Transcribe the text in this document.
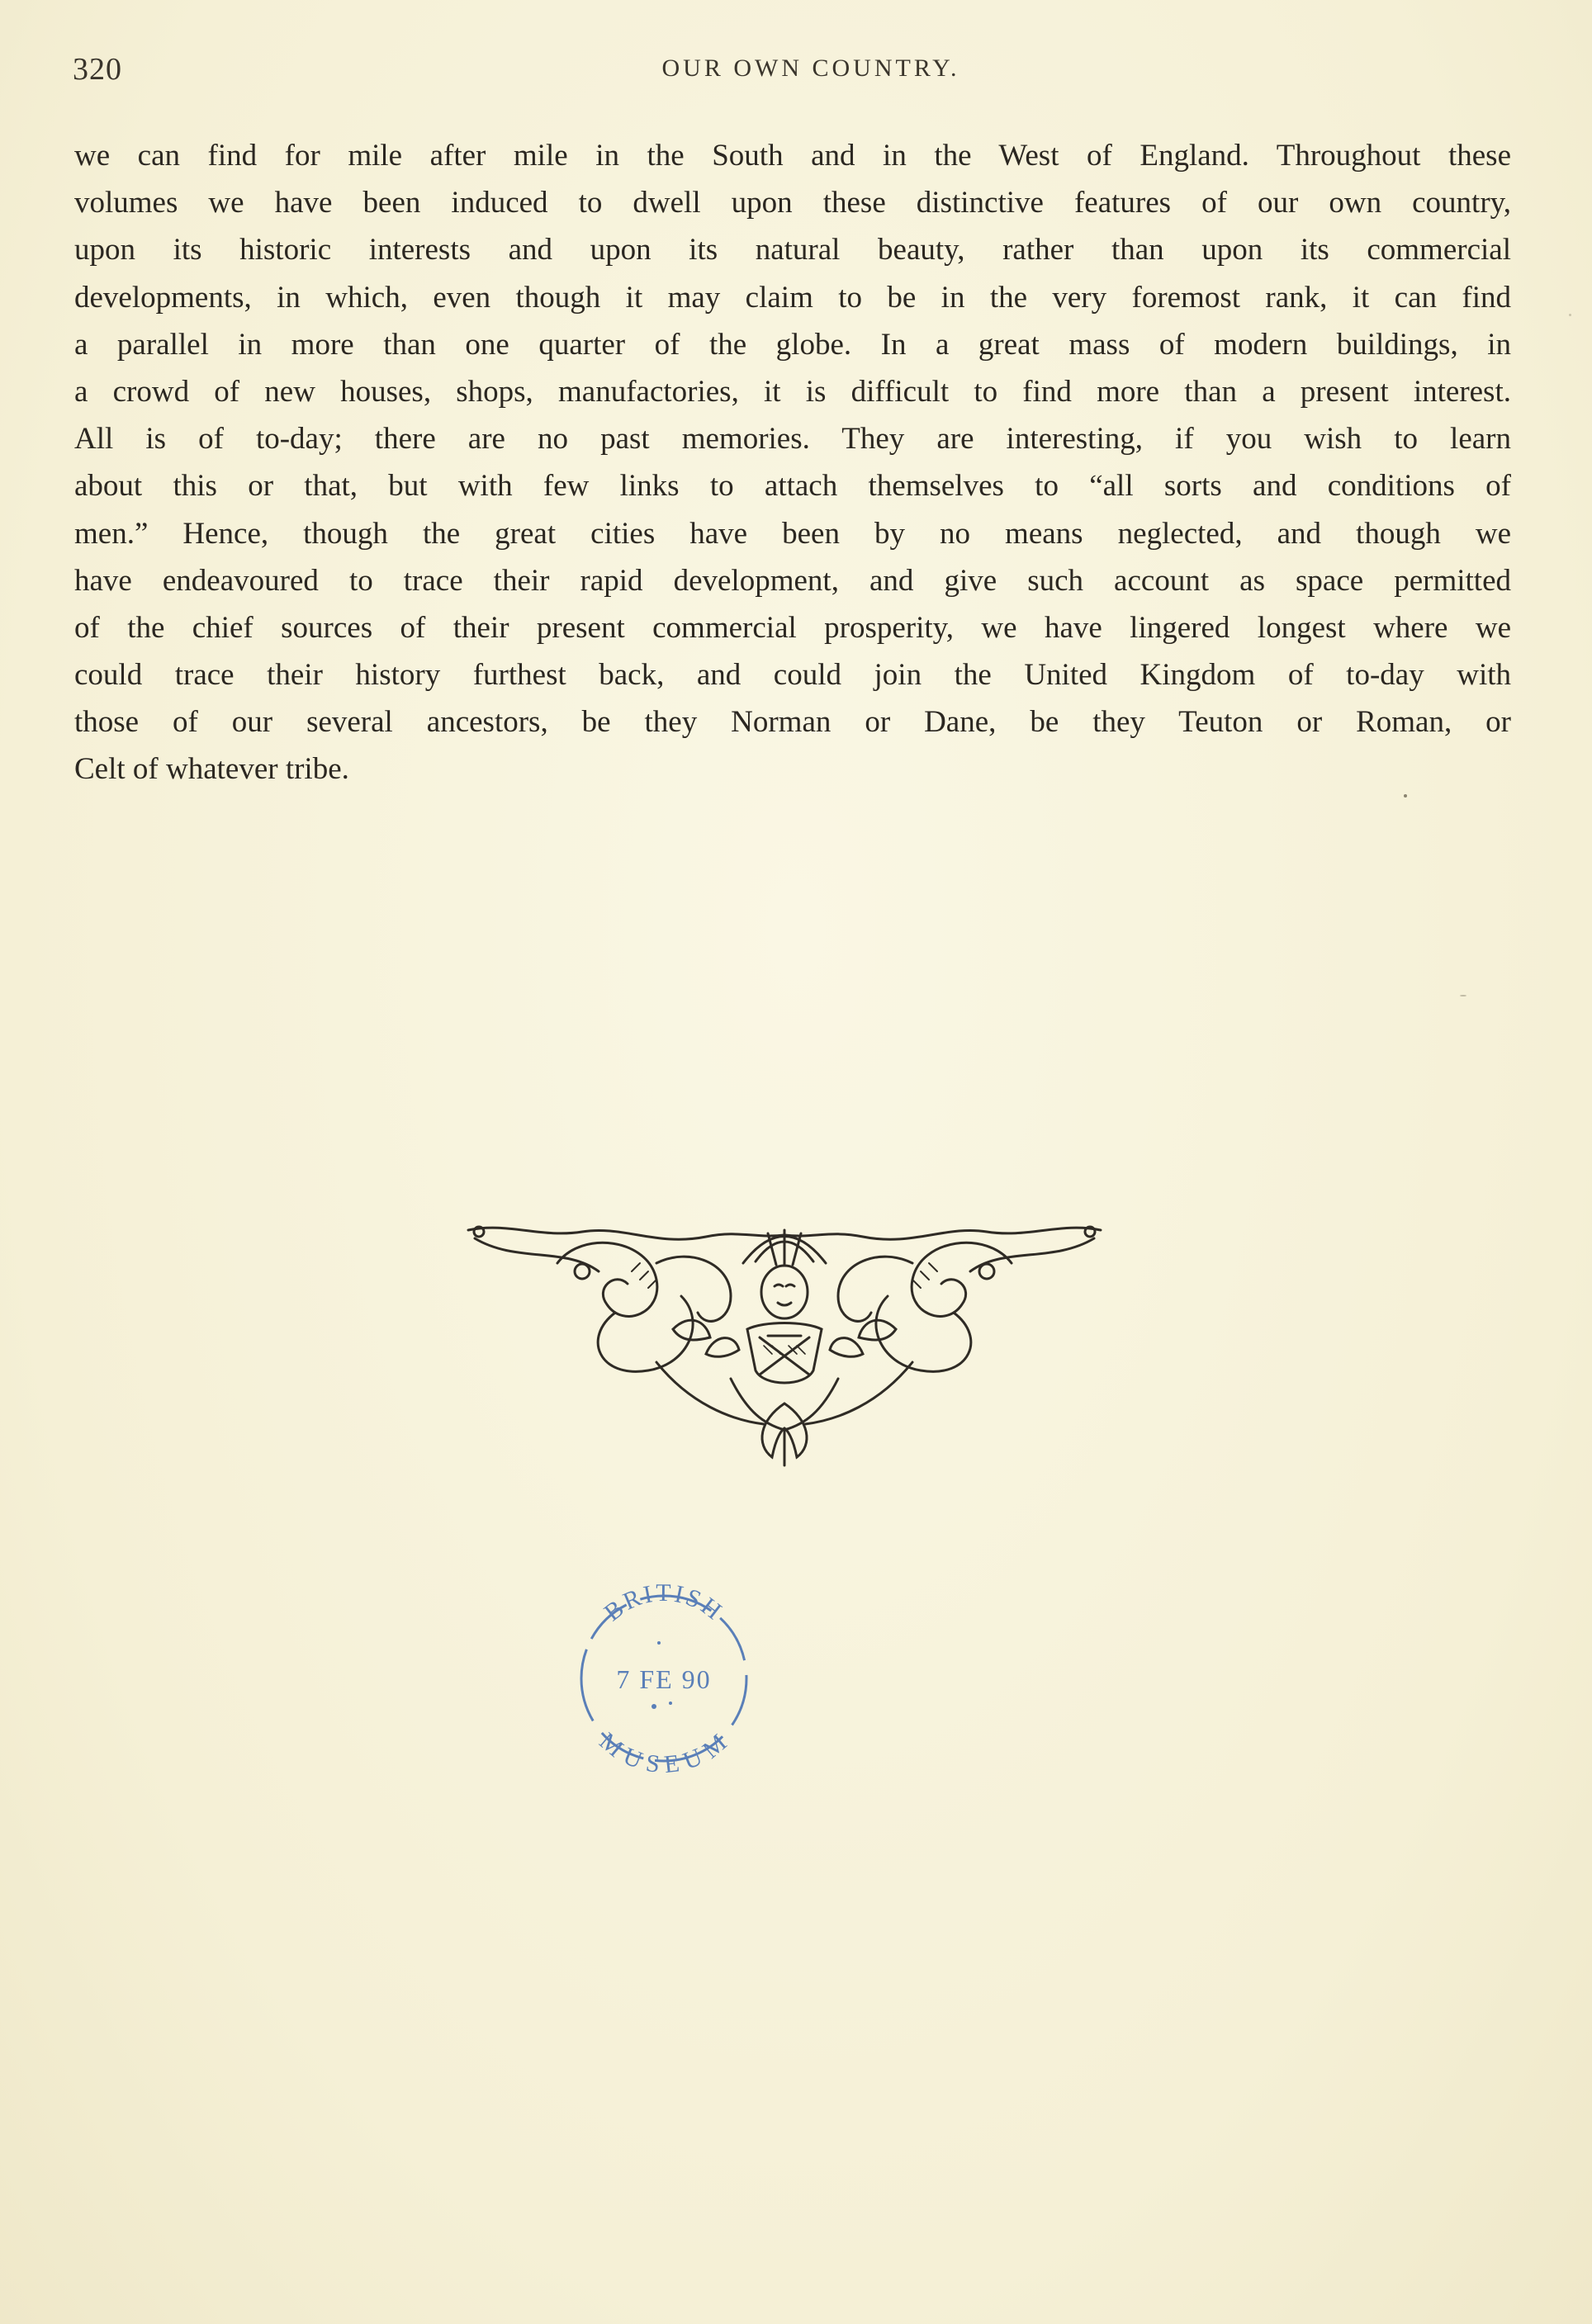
320	OUR OWN COUNTRY.
we can find for mile after mile in the South and in the West of England. Throughout these
volumes we have been induced to dwell upon these distinctive features of our own country,
upon its historic interests and upon its natural beauty, rather than upon its commercial
developments, in which, even though it may claim to be in the very foremost rank, it can find
a parallel in more than one quarter of the globe. In a great mass of modern buildings, in
a crowd of new houses, shops, manufactories, it is difficult to find more than a present interest.
All is of to-day; there are no past memories. They are interesting, if you wish to learn
about this or that, but with few links to attach themselves to “all sorts and conditions of
men.” Hence, though the great cities have been by no means neglected, and though we
have endeavoured to trace their rapid development, and give such account as space permitted
of the chief sources of their present commercial prosperity, we have lingered longest where we
could trace their history furthest back, and could join the United Kingdom of to-day with
those of our several ancestors, be they Norman or Dane, be they Teuton or Roman, or
Celt of whatever tribe.
BRITISH
7 FE 90
MUSEUM
